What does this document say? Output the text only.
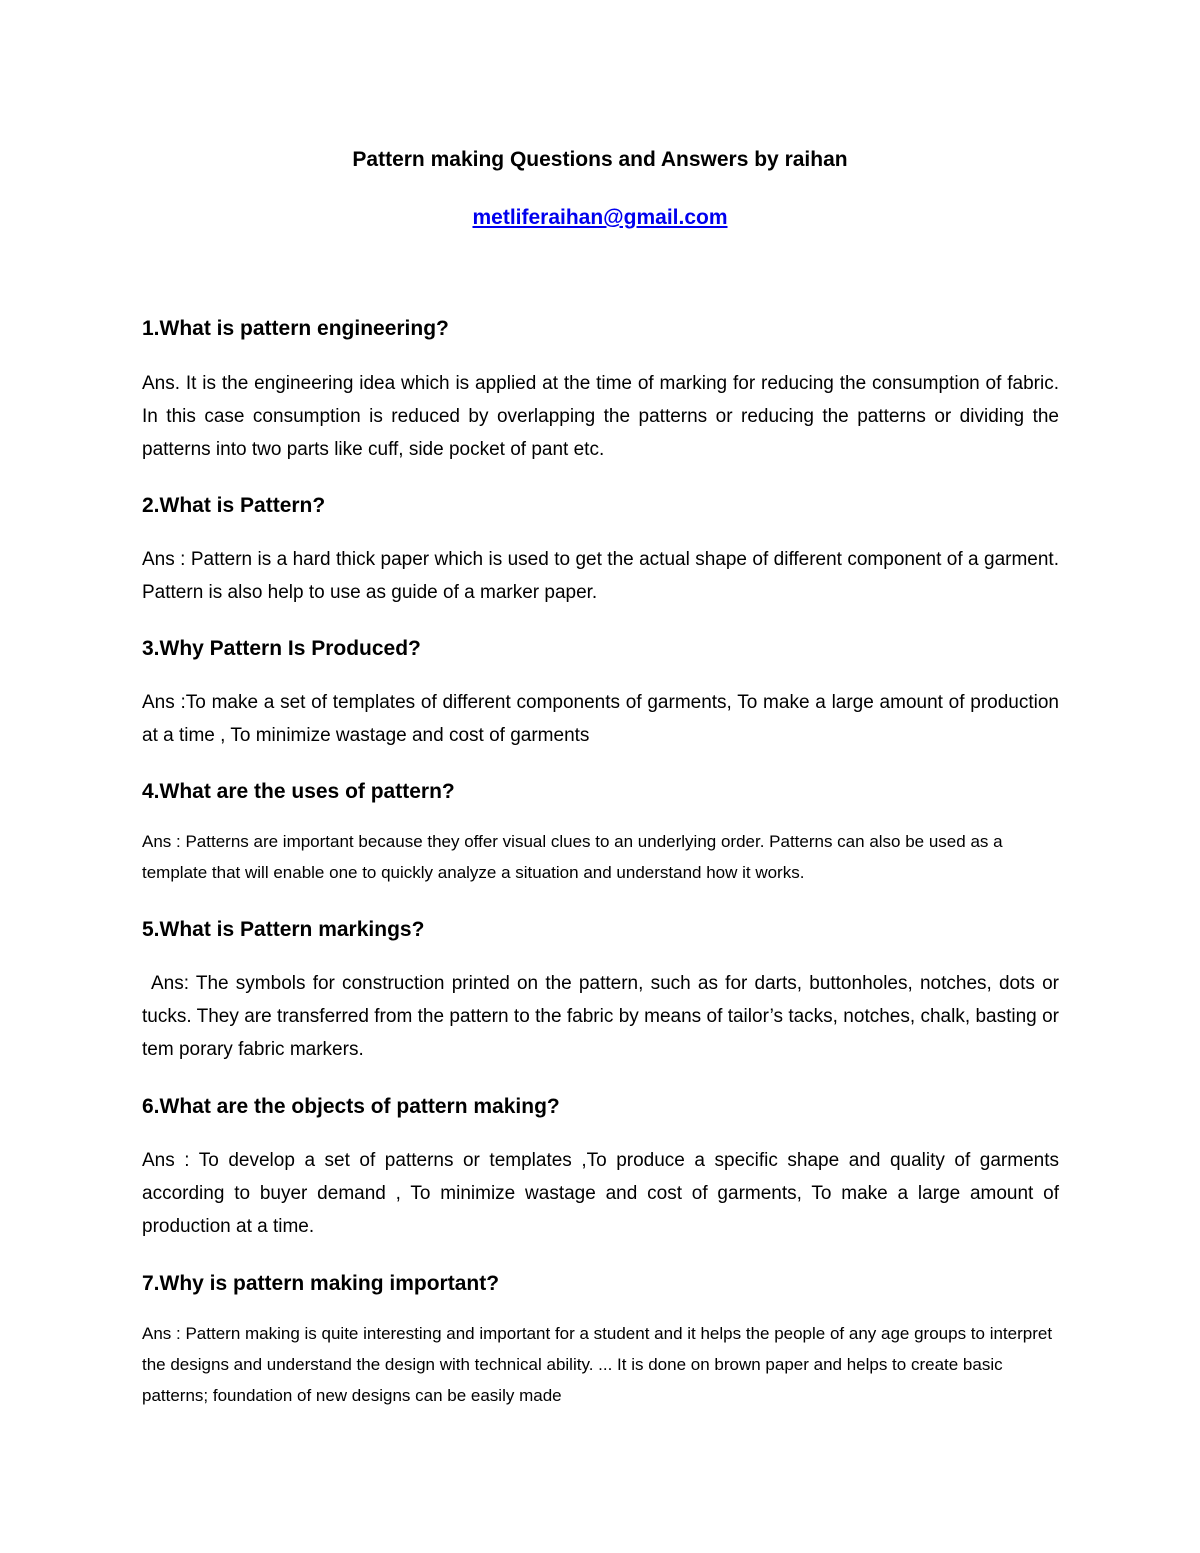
Pattern making Questions and Answers by raihan
metliferaihan@gmail.com
1.What is pattern engineering?
Ans. It is the engineering idea which is applied at the time of marking for reducing the consumption of fabric. In this case consumption is reduced by overlapping the patterns or reducing the patterns or dividing the patterns into two parts like cuff, side pocket of pant etc.
2.What is Pattern?
Ans : Pattern is a hard thick paper which is used to get the actual shape of different component of a garment. Pattern is also help to use as guide of a marker paper.
3.Why Pattern Is Produced?
Ans :To make a set of templates of different components of garments, To make a large amount of production at a time , To minimize wastage and cost of garments
4.What are the uses of pattern?
Ans : Patterns are important because they offer visual clues to an underlying order. Patterns can also be used as a template that will enable one to quickly analyze a situation and understand how it works.
5.What is Pattern markings?
Ans: The symbols for construction printed on the pattern, such as for darts, buttonholes, notches, dots or tucks. They are transferred from the pattern to the fabric by means of tailor’s tacks, notches, chalk, basting or tem porary fabric markers.
6.What are the objects of pattern making?
Ans : To develop a set of patterns or templates ,To produce a specific shape and quality of garments according to buyer demand , To minimize wastage and cost of garments, To make a large amount of production at a time.
7.Why is pattern making important?
Ans : Pattern making is quite interesting and important for a student and it helps the people of any age groups to interpret the designs and understand the design with technical ability. ... It is done on brown paper and helps to create basic patterns; foundation of new designs can be easily made
